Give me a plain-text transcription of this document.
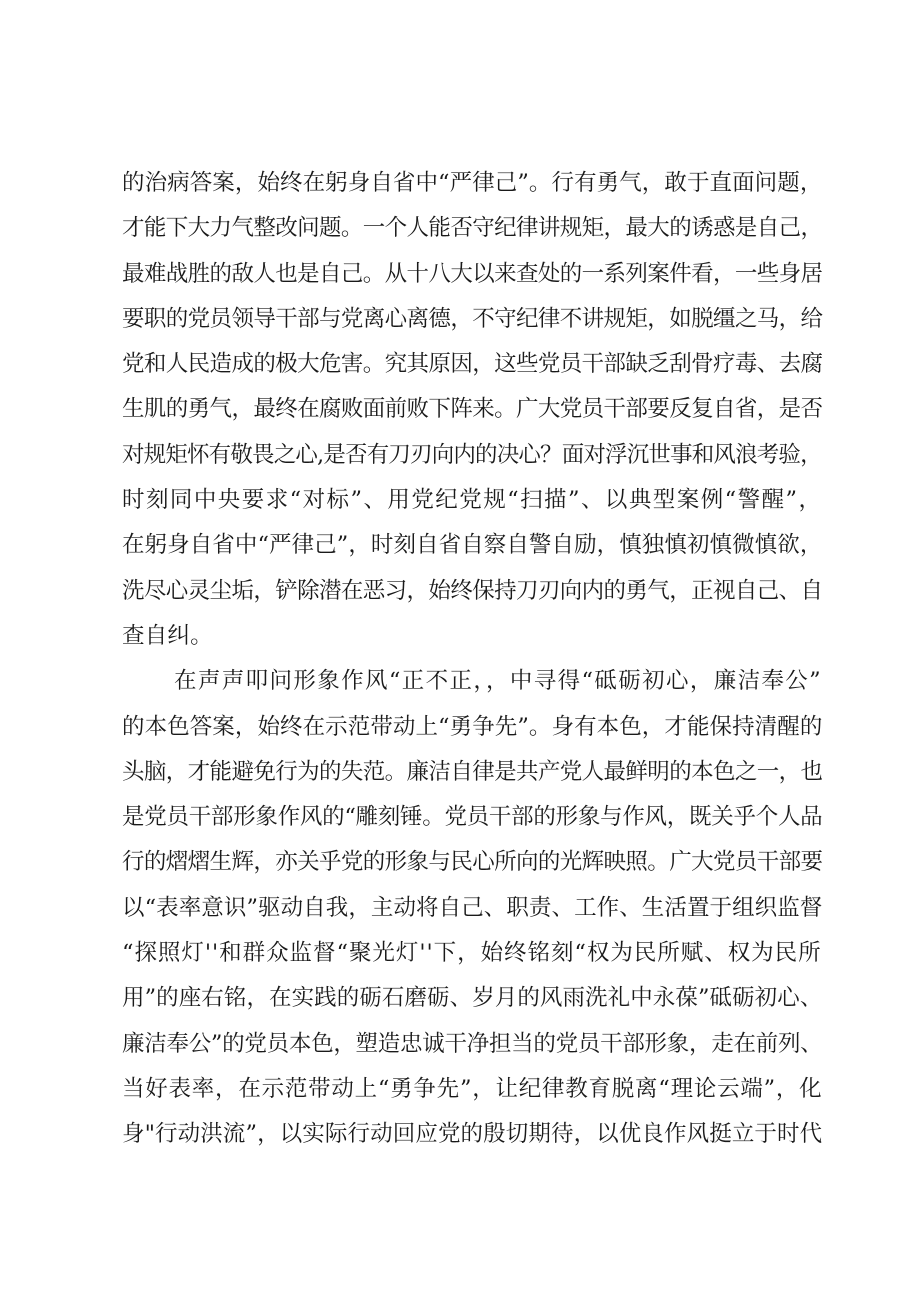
的治病答案，始终在躬身自省中“严律己”。行有勇气，敢于直面问题，
才能下大力气整改问题。一个人能否守纪律讲规矩，最大的诱惑是自己，
最难战胜的敌人也是自己。从十八大以来查处的一系列案件看，一些身居
要职的党员领导干部与党离心离德，不守纪律不讲规矩，如脱缰之马，给
党和人民造成的极大危害。究其原因，这些党员干部缺乏刮骨疗毒、去腐
生肌的勇气，最终在腐败面前败下阵来。广大党员干部要反复自省，是否
对规矩怀有敬畏之心,是否有刀刃向内的决心？面对浮沉世事和风浪考验，
时刻同中央要求“对标”、用党纪党规“扫描”、以典型案例“警醒”，
在躬身自省中“严律己”，时刻自省自察自警自励，慎独慎初慎微慎欲，
洗尽心灵尘垢，铲除潜在恶习，始终保持刀刃向内的勇气，正视自己、自
查自纠。
在声声叩问形象作风“正不正，，中寻得“砥砺初心，廉洁奉公”
的本色答案，始终在示范带动上“勇争先”。身有本色，才能保持清醒的
头脑，才能避免行为的失范。廉洁自律是共产党人最鲜明的本色之一，也
是党员干部形象作风的“雕刻锤。党员干部的形象与作风，既关乎个人品
行的熠熠生辉，亦关乎党的形象与民心所向的光辉映照。广大党员干部要
以“表率意识”驱动自我，主动将自己、职责、工作、生活置于组织监督
“探照灯''和群众监督“聚光灯''下，始终铭刻“权为民所赋、权为民所
用”的座右铭，在实践的砺石磨砺、岁月的风雨洗礼中永葆”砥砺初心、
廉洁奉公”的党员本色，塑造忠诚干净担当的党员干部形象，走在前列、
当好表率，在示范带动上“勇争先”，让纪律教育脱离“理论云端”，化
身"行动洪流”，以实际行动回应党的殷切期待，以优良作风挺立于时代
